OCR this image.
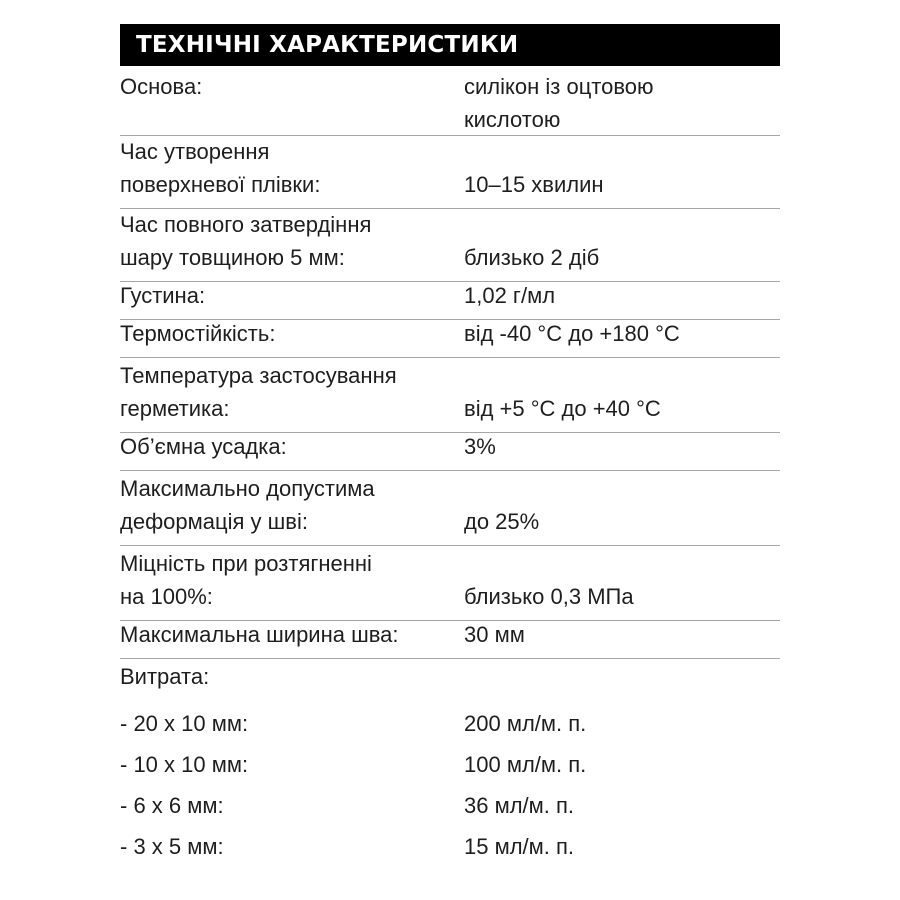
ТЕХНІЧНІ ХАРАКТЕРИСТИКИ
Основа:	силікон із оцтовою
кислотою
Час утворення
поверхневої плівки:	10–15 хвилин
Час повного затвердіння
шару товщиною 5 мм:	близько 2 діб
Густина:	1,02 г/мл
Термостійкість:	від -40 °С до +180 °С
Температура застосування
герметика:	від +5 °С до +40 °С
Об’ємна усадка:	3%
Максимально допустима
деформація у шві:	до 25%
Міцність при розтягненні
на 100%:	близько 0,3 МПа
Максимальна ширина шва:	30 мм
Витрата:
- 20 х 10 мм:	200 мл/м. п.
- 10 х 10 мм:	100 мл/м. п.
- 6 х 6 мм:	36 мл/м. п.
- 3 х 5 мм:	15 мл/м. п.
